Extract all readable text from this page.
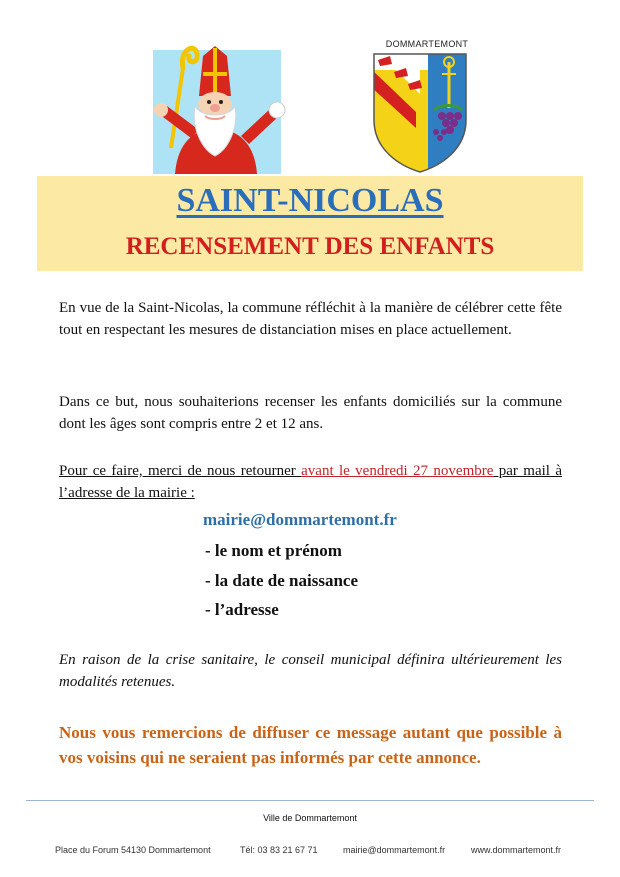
DOMMARTEMONT
SAINT-NICOLAS
RECENSEMENT DES ENFANTS
En vue de la Saint-Nicolas, la commune réfléchit à la manière de célébrer cette fête tout en respectant les mesures de distanciation mises en place actuellement.
Dans ce but, nous souhaiterions recenser les enfants domiciliés sur la commune dont les âges sont compris entre 2 et 12 ans.
Pour ce faire, merci de nous retourner avant le vendredi 27 novembre par mail à l’adresse de la mairie :
mairie@dommartemont.fr
- le nom et prénom
- la date de naissance
- l’adresse
En raison de la crise sanitaire, le conseil municipal définira ultérieurement les modalités retenues.
Nous vous remercions de diffuser ce message autant que possible à vos voisins qui ne seraient pas informés par cette annonce.
Ville de Dommartemont
Place du Forum 54130 Dommartemont	Tél: 03 83 21 67 71	mairie@dommartemont.fr	www.dommartemont.fr
